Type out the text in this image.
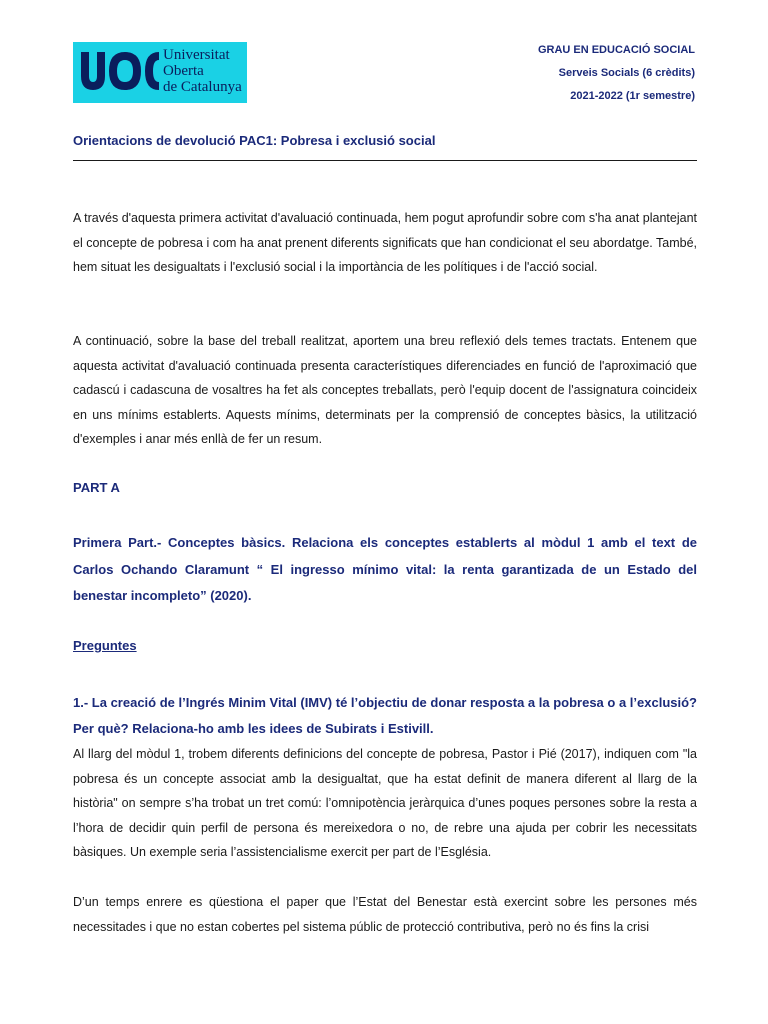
Universitat
Oberta
de Catalunya
GRAU EN EDUCACIÓ SOCIAL
Serveis Socials (6 crèdits)
2021-2022 (1r semestre)
Orientacions de devolució PAC1: Pobresa i exclusió social
A través d'aquesta primera activitat d'avaluació continuada, hem pogut aprofundir sobre com s'ha anat plantejant el concepte de pobresa i com ha anat prenent diferents significats que han condicionat el seu abordatge. També, hem situat les desigualtats i l'exclusió social i la importància de les polítiques i de l'acció social.
A continuació, sobre la base del treball realitzat, aportem una breu reflexió dels temes tractats. Entenem que aquesta activitat d'avaluació continuada presenta característiques diferenciades en funció de l'aproximació que cadascú i cadascuna de vosaltres ha fet als conceptes treballats, però l'equip docent de l'assignatura coincideix en uns mínims establerts. Aquests mínims, determinats per la comprensió de conceptes bàsics, la utilització d'exemples i anar més enllà de fer un resum.
PART A
Primera Part.- Conceptes bàsics. Relaciona els conceptes establerts al mòdul 1 amb el text de Carlos Ochando Claramunt “ El ingresso mínimo vital: la renta garantizada de un Estado del benestar incompleto” (2020).
Preguntes
1.- La creació de l’Ingrés Minim Vital (IMV) té l’objectiu de donar resposta a la pobresa o a l’exclusió? Per què? Relaciona-ho amb les idees de Subirats i Estivill.
Al llarg del mòdul 1, trobem diferents definicions del concepte de pobresa, Pastor i Pié (2017), indiquen com "la pobresa és un concepte associat amb la desigualtat, que ha estat definit de manera diferent al llarg de la història" on sempre s’ha trobat un tret comú: l’omnipotència jeràrquica d’unes poques persones sobre la resta a l’hora de decidir quin perfil de persona és mereixedora o no, de rebre una ajuda per cobrir les necessitats bàsiques. Un exemple seria l’assistencialisme exercit per part de l’Església.
D’un temps enrere es qüestiona el paper que l’Estat del Benestar està exercint sobre les persones més necessitades i que no estan cobertes pel sistema públic de protecció contributiva, però no és fins la crisi
